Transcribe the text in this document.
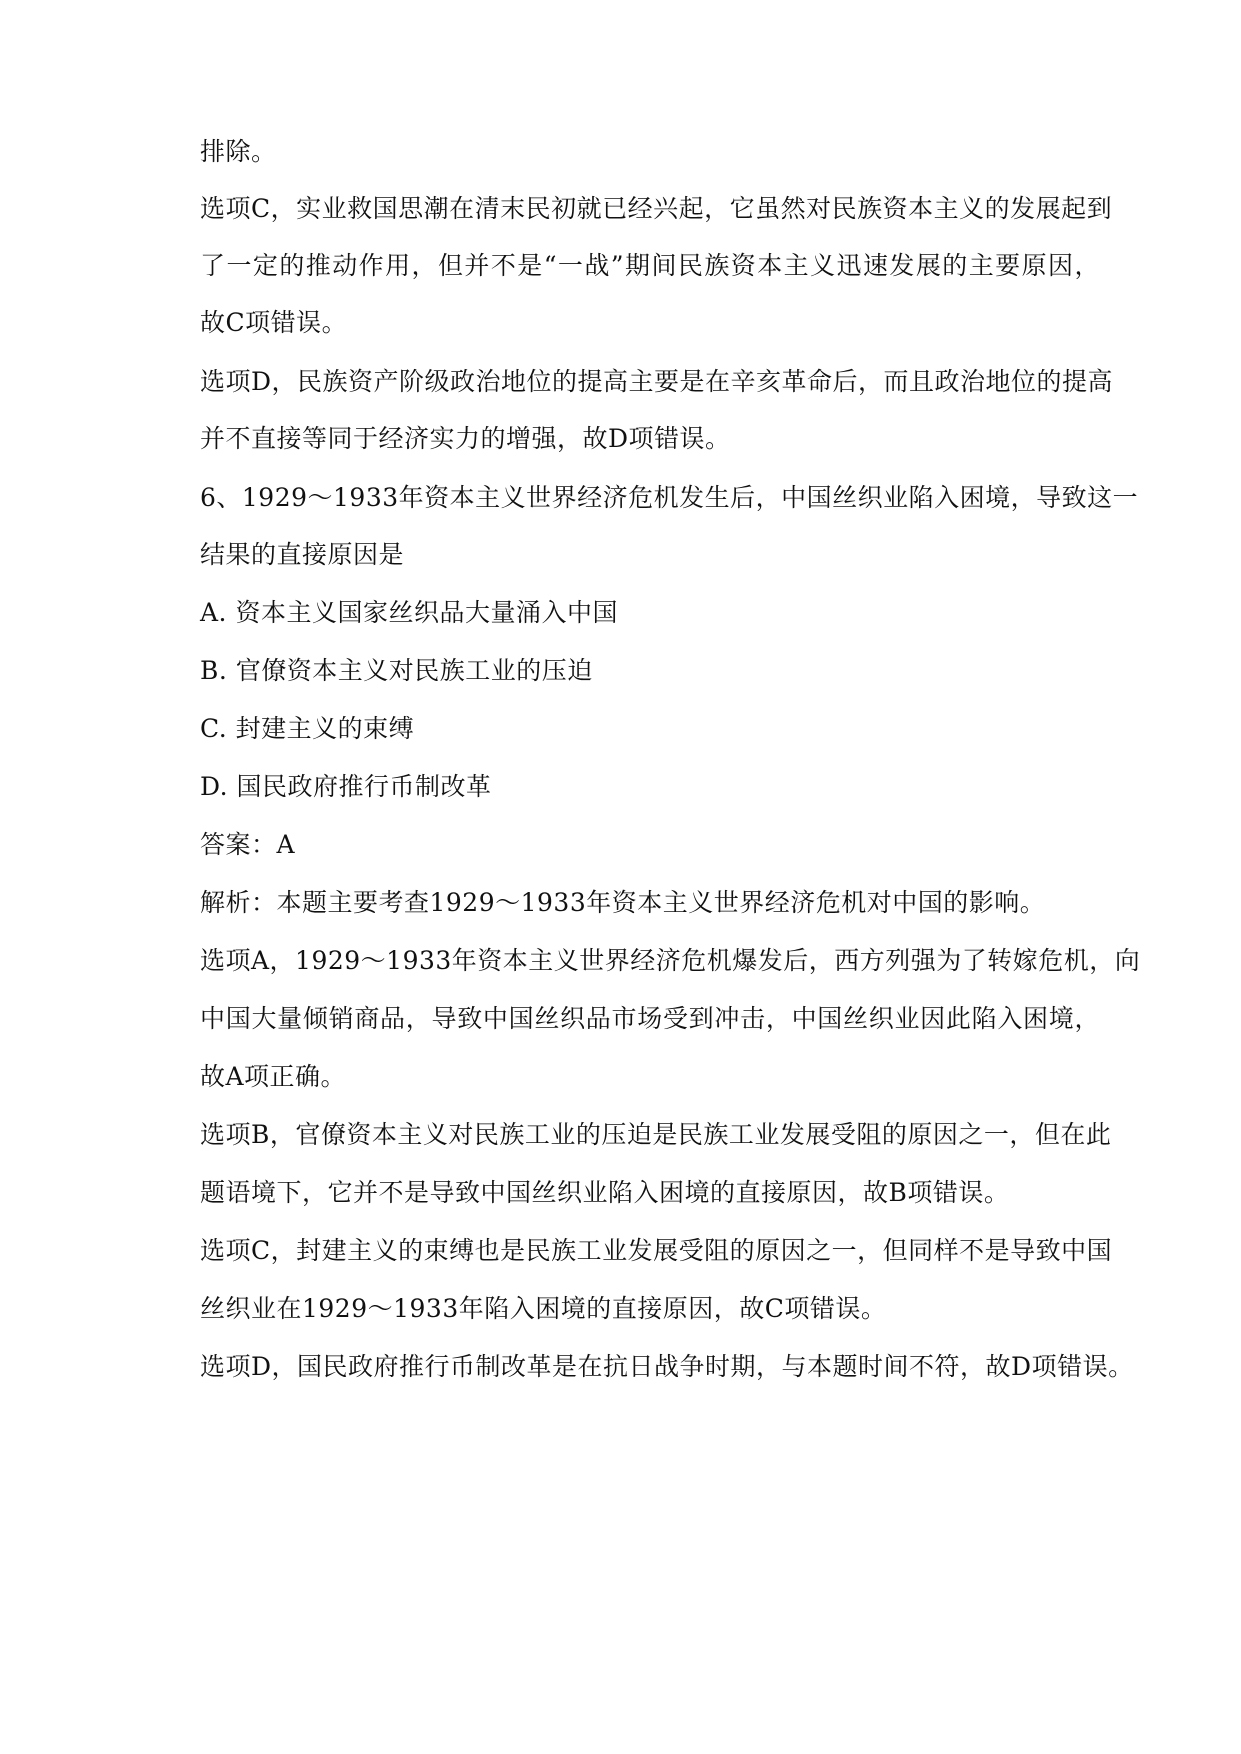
排除。
选项C，实业救国思潮在清末民初就已经兴起，它虽然对民族资本主义的发展起到
了一定的推动作用，但并不是“一战”期间民族资本主义迅速发展的主要原因，
故C项错误。
选项D，民族资产阶级政治地位的提高主要是在辛亥革命后，而且政治地位的提高
并不直接等同于经济实力的增强，故D项错误。
6、1929～1933年资本主义世界经济危机发生后，中国丝织业陷入困境，导致这一
结果的直接原因是
A. 资本主义国家丝织品大量涌入中国
B. 官僚资本主义对民族工业的压迫
C. 封建主义的束缚
D. 国民政府推行币制改革
答案：A
解析：本题主要考查1929～1933年资本主义世界经济危机对中国的影响。
选项A，1929～1933年资本主义世界经济危机爆发后，西方列强为了转嫁危机，向
中国大量倾销商品，导致中国丝织品市场受到冲击，中国丝织业因此陷入困境，
故A项正确。
选项B，官僚资本主义对民族工业的压迫是民族工业发展受阻的原因之一，但在此
题语境下，它并不是导致中国丝织业陷入困境的直接原因，故B项错误。
选项C，封建主义的束缚也是民族工业发展受阻的原因之一，但同样不是导致中国
丝织业在1929～1933年陷入困境的直接原因，故C项错误。
选项D，国民政府推行币制改革是在抗日战争时期，与本题时间不符，故D项错误。
